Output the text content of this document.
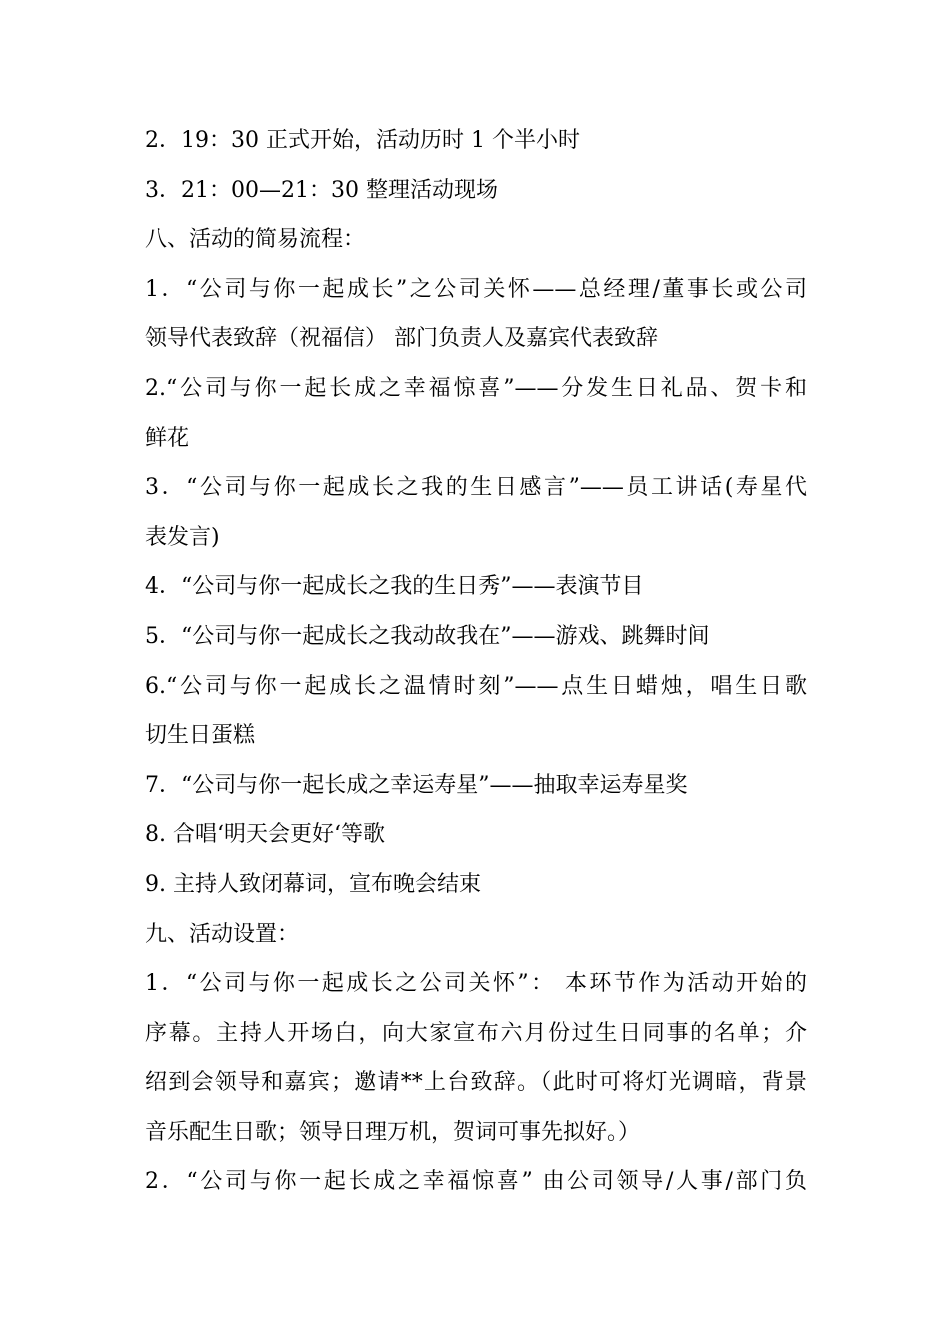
2．19：30 正式开始，活动历时 1 个半小时
3．21：00—21：30 整理活动现场
八、活动的简易流程：
1．“公司与你一起成长”之公司关怀——总经理/董事长或公司
领导代表致辞（祝福信） 部门负责人及嘉宾代表致辞
2.“公司与你一起长成之幸福惊喜”——分发生日礼品、贺卡和
鲜花
3．“公司与你一起成长之我的生日感言”——员工讲话(寿星代
表发言)
4．“公司与你一起成长之我的生日秀”——表演节目
5．“公司与你一起成长之我动故我在”——游戏、跳舞时间
6.“公司与你一起成长之温情时刻”——点生日蜡烛，唱生日歌
切生日蛋糕
7．“公司与你一起长成之幸运寿星”——抽取幸运寿星奖
8. 合唱‘明天会更好‘等歌
9. 主持人致闭幕词，宣布晚会结束
九、活动设置：
1．“公司与你一起成长之公司关怀”： 本环节作为活动开始的
序幕。主持人开场白，向大家宣布六月份过生日同事的名单；介
绍到会领导和嘉宾；邀请**上台致辞。（此时可将灯光调暗，背景
音乐配生日歌；领导日理万机，贺词可事先拟好。）
2．“公司与你一起长成之幸福惊喜” 由公司领导/人事/部门负
